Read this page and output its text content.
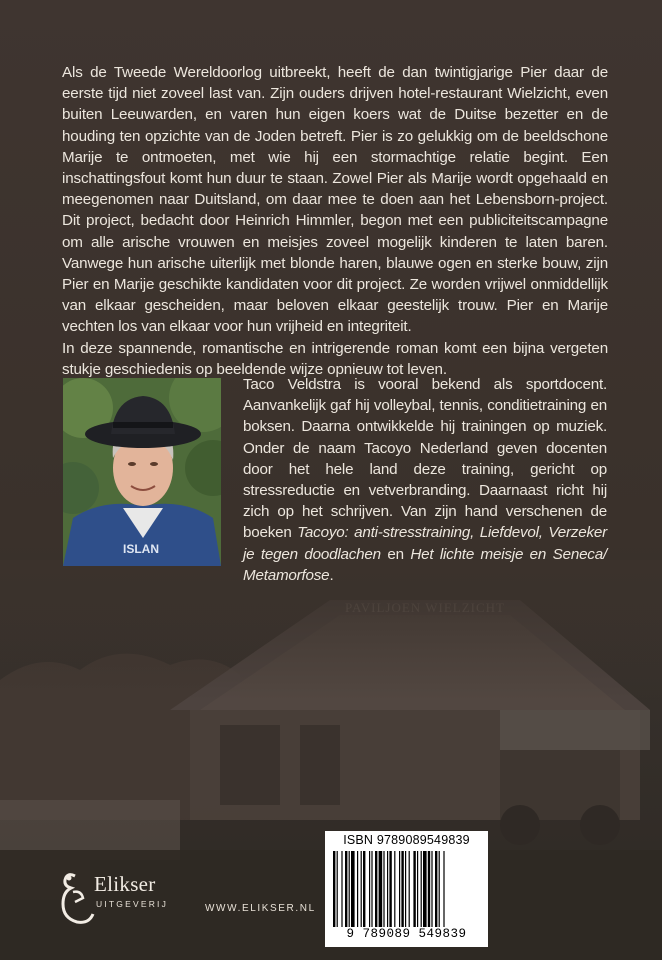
Als de Tweede Wereldoorlog uitbreekt, heeft de dan twintigjarige Pier daar de eerste tijd niet zoveel last van. Zijn ouders drijven hotel-restaurant Wielzicht, even buiten Leeuwarden, en varen hun eigen koers wat de Duitse bezetter en de houding ten opzichte van de Joden betreft. Pier is zo gelukkig om de beeldschone Marije te ontmoeten, met wie hij een stormachtige relatie begint. Een inschattingsfout komt hun duur te staan. Zowel Pier als Marije wordt opgehaald en meegenomen naar Duitsland, om daar mee te doen aan het Lebensborn-project. Dit project, bedacht door Heinrich Himmler, begon met een publiciteitscampagne om alle arische vrouwen en meisjes zoveel mogelijk kinderen te laten baren. Vanwege hun arische uiterlijk met blonde haren, blauwe ogen en sterke bouw, zijn Pier en Marije geschikte kandidaten voor dit project. Ze worden vrijwel onmiddellijk van elkaar gescheiden, maar beloven elkaar geestelijk trouw. Pier en Marije vechten los van elkaar voor hun vrijheid en integriteit.

In deze spannende, romantische en intrigerende roman komt een bijna vergeten stukje geschiedenis op beeldende wijze opnieuw tot leven.

ISLAN

Taco Veldstra is vooral bekend als sportdocent. Aanvankelijk gaf hij volleybal, tennis, conditietraining en boksen. Daarna ontwikkelde hij trainingen op muziek. Onder de naam Tacoyo Nederland geven docenten door het hele land deze training, gericht op stressreductie en vetverbranding. Daarnaast richt hij zich op het schrijven. Van zijn hand verschenen de boeken Tacoyo: anti-stresstraining, Liefdevol, Verzeker je tegen doodlachen en Het lichte meisje en Seneca/ Metamorfose.

ISBN 9789089549839
9 789089 549839
Elikser
UITGEVERIJ	WWW.ELIKSER.NL
